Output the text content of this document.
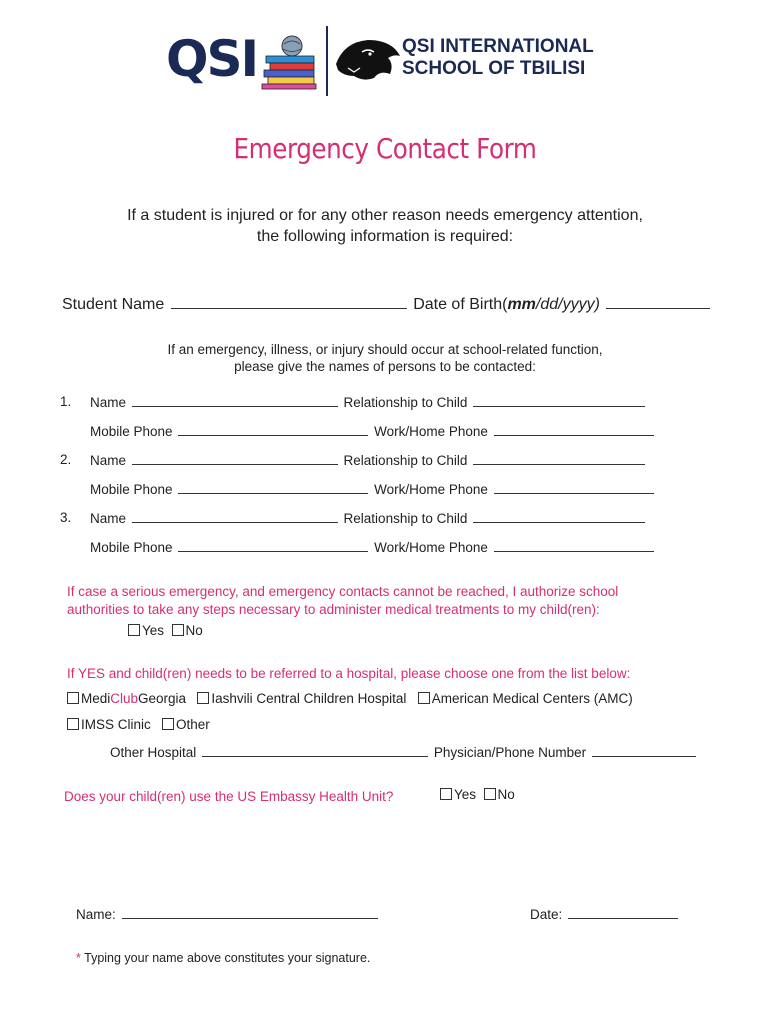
QSI	QSI INTERNATIONAL
SCHOOL OF TBILISI
Emergency Contact Form
If a student is injured or for any other reason needs emergency attention,
the following information is required:
Student Name	Date of Birth(mm/dd/yyyy)
If an emergency, illness, or injury should occur at school-related function,
please give the names of persons to be contacted:
1. Name	Relationship to Child
Mobile Phone	Work/Home Phone
2. Name	Relationship to Child
Mobile Phone	Work/Home Phone
3. Name	Relationship to Child
Mobile Phone	Work/Home Phone
If case a serious emergency, and emergency contacts cannot be reached, I authorize school
authorities to take any steps necessary to administer medical treatments to my child(ren):
Yes No
If YES and child(ren) needs to be referred to a hospital, please choose one from the list below:
MediClubGeorgia Iashvili Central Children Hospital American Medical Centers (AMC)
IMSS Clinic Other
Other Hospital	Physician/Phone Number
Does your child(ren) use the US Embassy Health Unit?	Yes No
Name:	Date:
* Typing your name above constitutes your signature.
